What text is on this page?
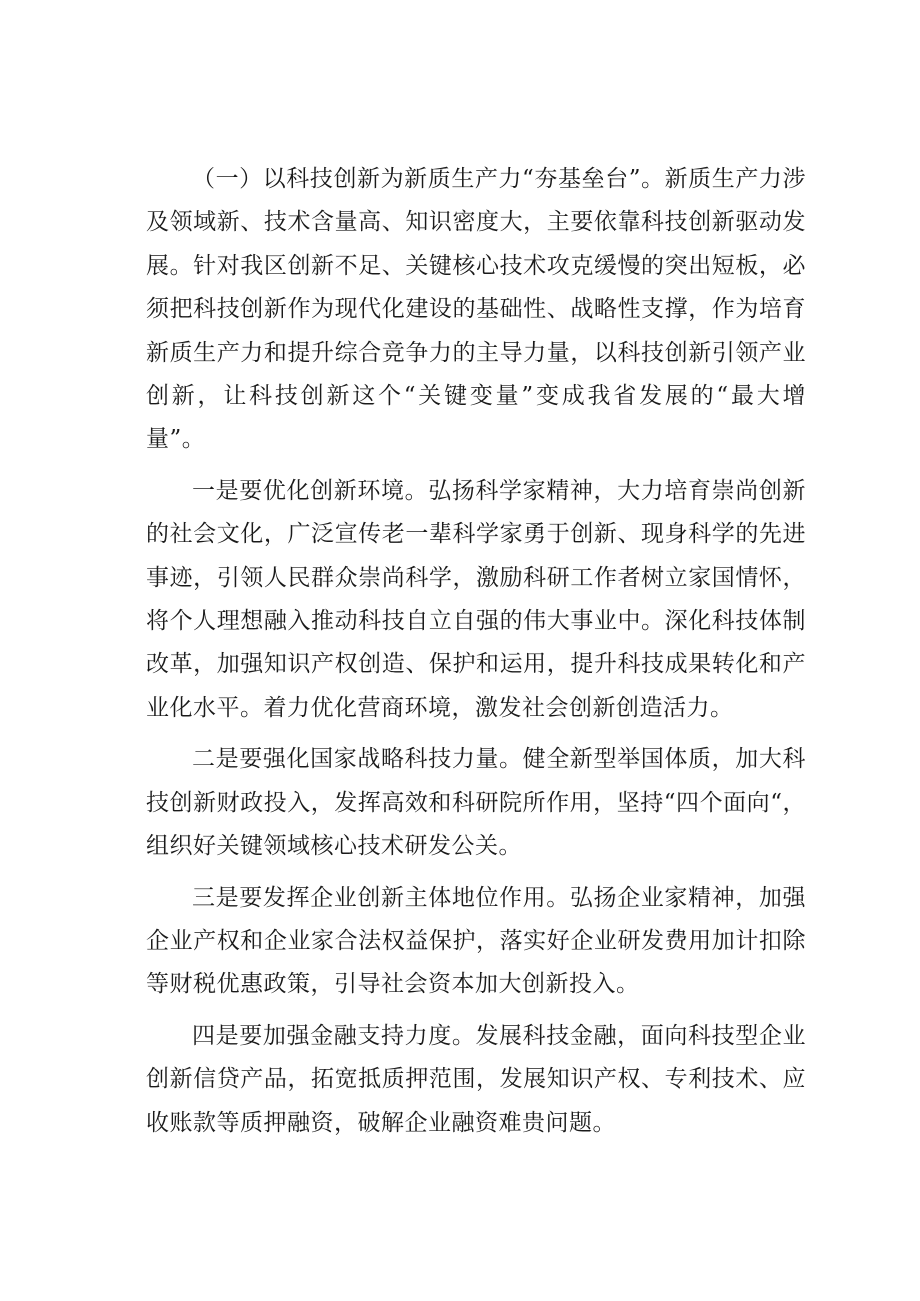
（一）以科技创新为新质生产力“夯基垒台”。新质生产力涉及领域新、技术含量高、知识密度大，主要依靠科技创新驱动发展。针对我区创新不足、关键核心技术攻克缓慢的突出短板，必须把科技创新作为现代化建设的基础性、战略性支撑，作为培育新质生产力和提升综合竞争力的主导力量，以科技创新引领产业创新，让科技创新这个“关键变量”变成我省发展的“最大增量”。

一是要优化创新环境。弘扬科学家精神，大力培育崇尚创新的社会文化，广泛宣传老一辈科学家勇于创新、现身科学的先进事迹，引领人民群众崇尚科学，激励科研工作者树立家国情怀，将个人理想融入推动科技自立自强的伟大事业中。深化科技体制改革，加强知识产权创造、保护和运用，提升科技成果转化和产业化水平。着力优化营商环境，激发社会创新创造活力。

二是要强化国家战略科技力量。健全新型举国体质，加大科技创新财政投入，发挥高效和科研院所作用，坚持“四个面向“，组织好关键领域核心技术研发公关。

三是要发挥企业创新主体地位作用。弘扬企业家精神，加强企业产权和企业家合法权益保护，落实好企业研发费用加计扣除等财税优惠政策，引导社会资本加大创新投入。

四是要加强金融支持力度。发展科技金融，面向科技型企业创新信贷产品，拓宽抵质押范围，发展知识产权、专利技术、应收账款等质押融资，破解企业融资难贵问题。
